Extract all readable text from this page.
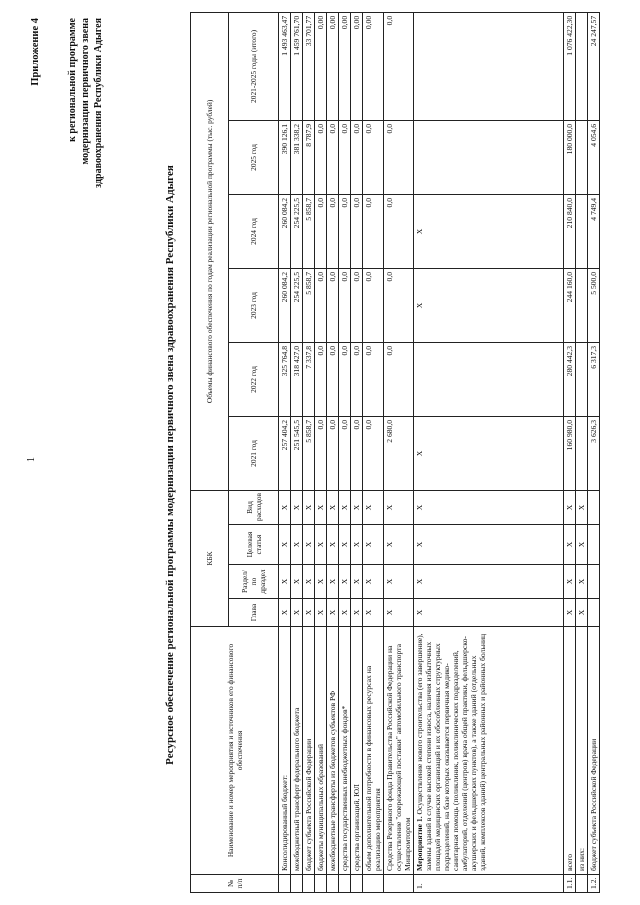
1
Приложение 4	к региональной программе модернизации первичного звена здравоохранения Республики Адыгея
Ресурсное обеспечение региональной программы модернизации первичного звена здравоохранения Республики Адыгея
№ п/п	Наименование и номер мероприятия и источников его финансового обеспечения	КБК				Объемы финансового обеспечения по годам реализации региональной программы (тыс. рублей)					
		Глава	Раздел/по драздел	Целевая статья	Вид расходов	2021 год	2022 год	2023 год	2024 год	2025 год	2021-2025 годы (итого)
	Консолидированный бюджет:	Х	Х	Х	Х	257 404,2	325 764,8	260 084,2	260 084,2	390 126,1	1 493 463,47
	межбюджетный трансферт федерального бюджета	Х	Х	Х	Х	251 545,5	318 427,0	254 225,5	254 225,5	381 338,2	1 459 761,70
	бюджет субъекта Российской Федерации	Х	Х	Х	Х	5 858,7	7 337,8	5 858,7	5 858,7	8 787,9	33 701,77
	бюджеты муниципальных образований	Х	Х	Х	Х	0,0	0,0	0,0	0,0	0,0	0,00
	межбюджетные трансферты из бюджетов субъектов РФ	Х	Х	Х	Х	0,0	0,0	0,0	0,0	0,0	0,00
	средства государственных внебюджетных фондов*	Х	Х	Х	Х	0,0	0,0	0,0	0,0	0,0	0,00
	средства организаций, ЮЛ	Х	Х	Х	Х	0,0	0,0	0,0	0,0	0,0	0,00
	объем дополнительной потребности в финансовых ресурсах на реализацию мероприятия	Х	Х	Х	Х	0,0	0,0	0,0	0,0	0,0	0,00
	Средства Резервного фонда Правительства Российской Федерации на осуществление "опережающей поставки" автомобильного транспорта Минпромторгом	Х	Х	Х	Х	2 680,0	0,0	0,0	0,0	0,0	0,0
1.	Мероприятие 1. Осуществление нового строительства (его завершение), замены зданий в случае высокой степени износа, наличия избыточных площадей медицинских организаций и их обособленных структурных подразделений, на базе которых оказывается первичная медико-санитарная помощь (поликлиник, поликлинических подразделений, амбулаторий, отделений (центров) врача общей практики, фельдшерско-акушерских и фельдшерских пунктов), а также зданий (отдельных зданий, комплексов зданий) центральных районных и районных больниц	Х	Х	Х	Х	Х		Х	Х		
1.1.	всего	Х	Х	Х	Х	160 980,0	280 442,3	244 160,0	210 840,0	180 000,0	1 076 422,30
	из них:	Х	Х	Х	Х						
1.2.	бюджет субъекта Российской Федерации					3 626,3	6 317,3	5 500,0	4 749,4	4 054,6	24 247,57
